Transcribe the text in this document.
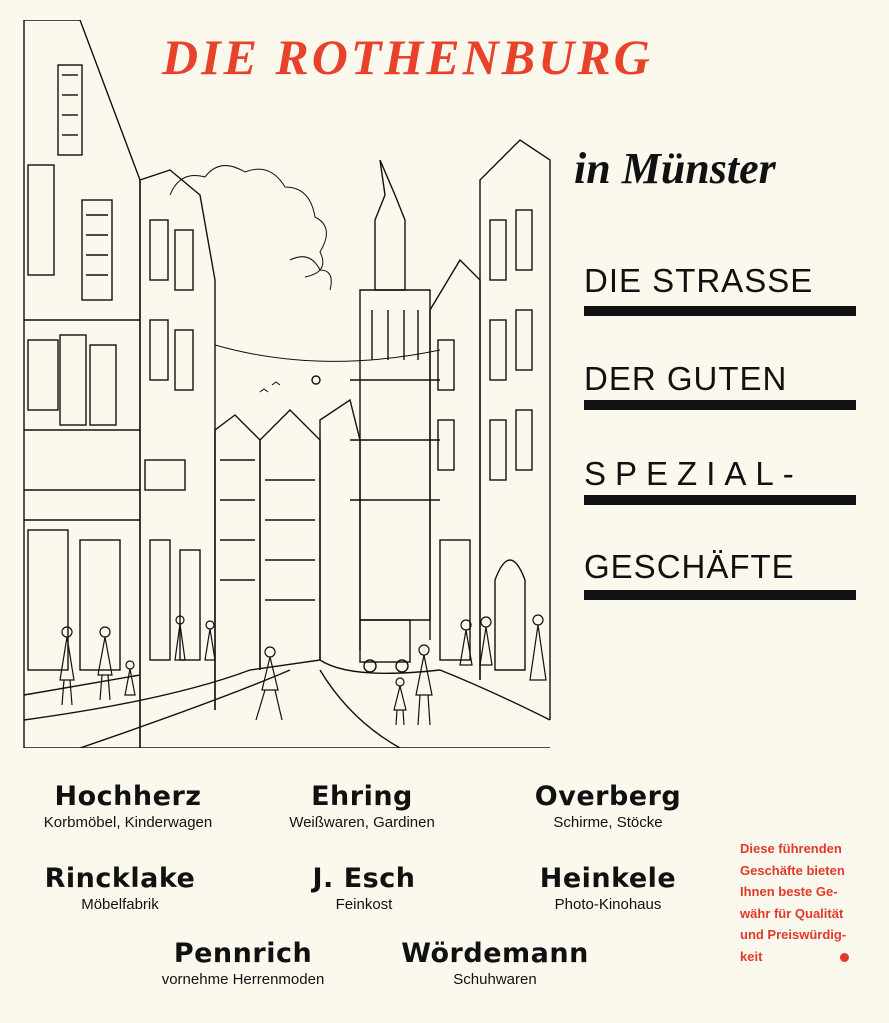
DIE ROTHENBURG
in Münster
DIE STRASSE
DER GUTEN
SPEZIAL-
GESCHÄFTE
Hochherz
Korbmöbel, Kinderwagen
Ehring
Weißwaren, Gardinen
Overberg
Schirme, Stöcke
Rincklake
Möbelfabrik
J. Esch
Feinkost
Heinkele
Photo-Kinohaus
Pennrich
vornehme Herrenmoden
Wördemann
Schuhwaren
Diese führenden
Geschäfte bieten
Ihnen beste Ge-
währ für Qualität
und Preiswürdig-
keit
